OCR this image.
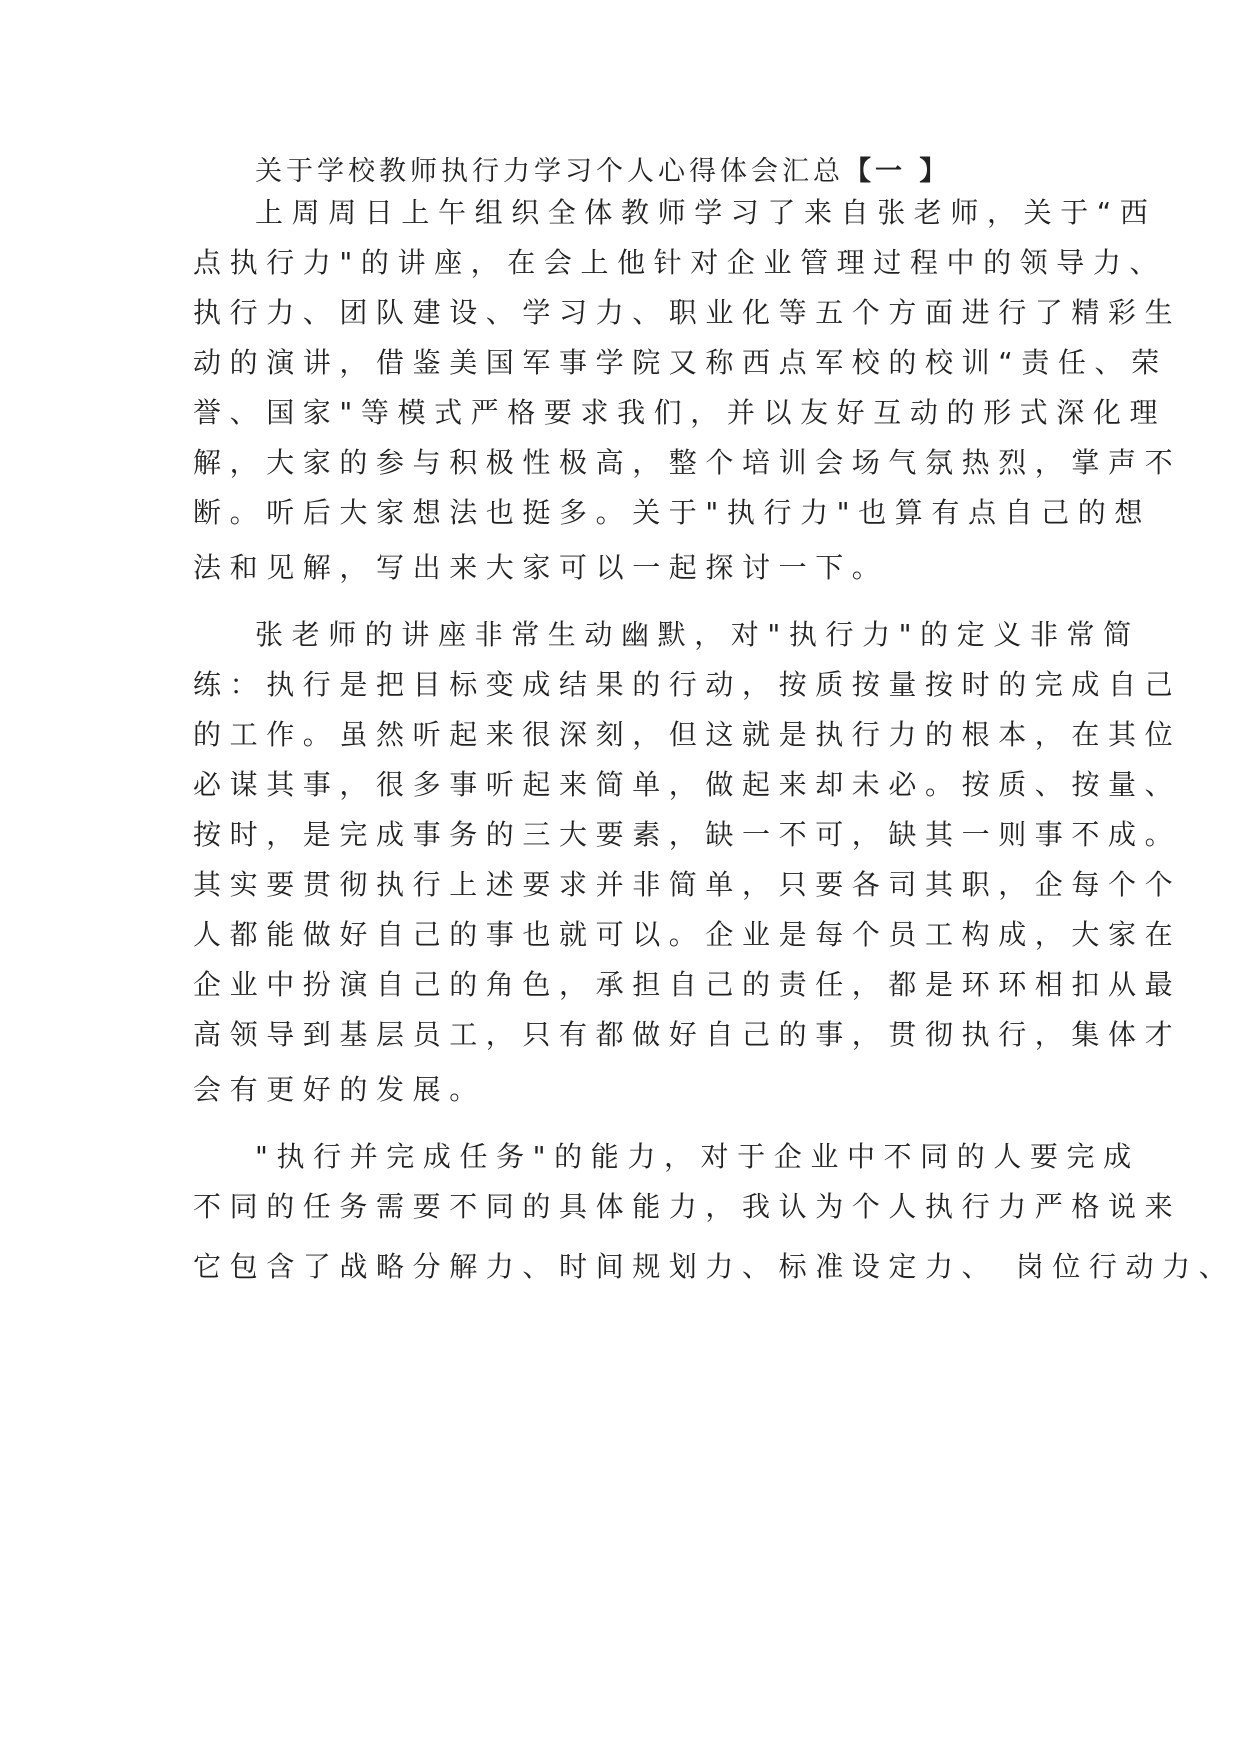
关于学校教师执行力学习个人心得体会汇总【一 】
上周周日上午组织全体教师学习了来自张老师，关于“西
点执行力"的讲座，在会上他针对企业管理过程中的领导力、
执行力、团队建设、学习力、职业化等五个方面进行了精彩生
动的演讲，借鉴美国军事学院又称西点军校的校训“责任、荣
誉、国家"等模式严格要求我们，并以友好互动的形式深化理
解，大家的参与积极性极高，整个培训会场气氛热烈，掌声不
断。听后大家想法也挺多。关于"执行力"也算有点自己的想
法和见解，写出来大家可以一起探讨一下。
张老师的讲座非常生动幽默，对"执行力"的定义非常简
练：执行是把目标变成结果的行动，按质按量按时的完成自己
的工作。虽然听起来很深刻，但这就是执行力的根本，在其位
必谋其事，很多事听起来简单，做起来却未必。按质、按量、
按时，是完成事务的三大要素，缺一不可，缺其一则事不成。
其实要贯彻执行上述要求并非简单，只要各司其职，企每个个
人都能做好自己的事也就可以。企业是每个员工构成，大家在
企业中扮演自己的角色，承担自己的责任，都是环环相扣从最
高领导到基层员工，只有都做好自己的事，贯彻执行，集体才
会有更好的发展。
"执行并完成任务"的能力，对于企业中不同的人要完成
不同的任务需要不同的具体能力，我认为个人执行力严格说来
它包含了战略分解力、时间规划力、标准设定力、 岗位行动力、
